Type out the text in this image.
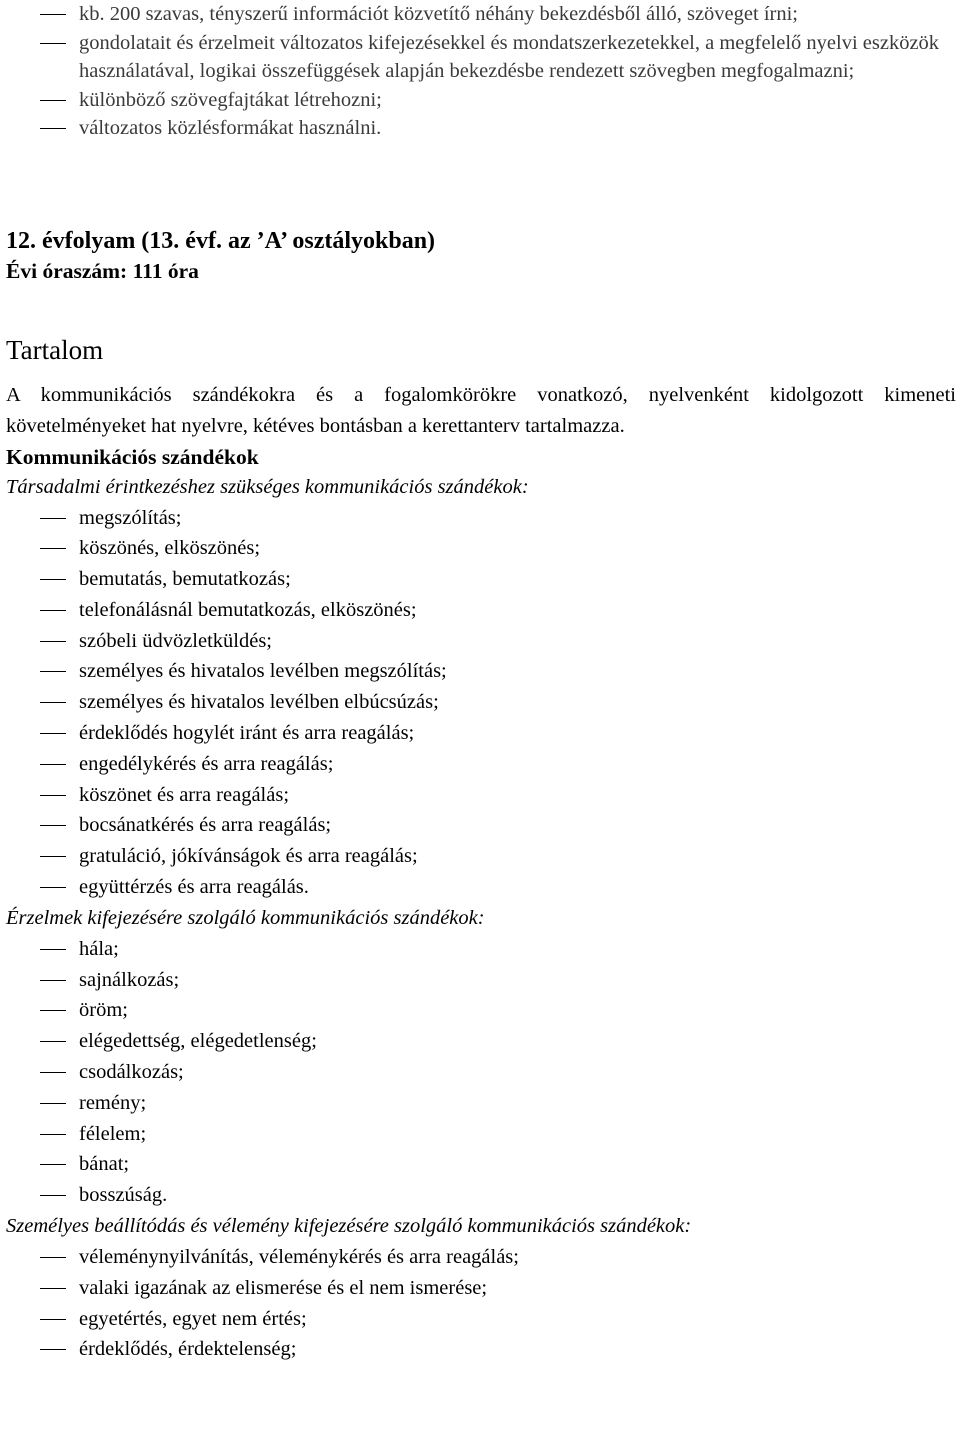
kb. 200 szavas, tényszerű információt közvetítő néhány bekezdésből álló, szöveget írni;
gondolatait és érzelmeit változatos kifejezésekkel és mondatszerkezetekkel, a megfelelő nyelvi eszközök használatával, logikai összefüggések alapján bekezdésbe rendezett szövegben megfogalmazni;
különböző szövegfajtákat létrehozni;
változatos közlésformákat használni.
12. évfolyam (13. évf. az ’A’ osztályokban)
Évi óraszám: 111 óra
Tartalom
A kommunikációs szándékokra és a fogalomkörökre vonatkozó, nyelvenként kidolgozott kimeneti követelményeket hat nyelvre, kétéves bontásban a kerettanterv tartalmazza.
Kommunikációs szándékok
Társadalmi érintkezéshez szükséges kommunikációs szándékok:
megszólítás;
köszönés, elköszönés;
bemutatás, bemutatkozás;
telefonálásnál bemutatkozás, elköszönés;
szóbeli üdvözletküldés;
személyes és hivatalos levélben megszólítás;
személyes és hivatalos levélben elbúcsúzás;
érdeklődés hogylét iránt és arra reagálás;
engedélykérés és arra reagálás;
köszönet és arra reagálás;
bocsánatkérés és arra reagálás;
gratuláció, jókívánságok és arra reagálás;
együttérzés és arra reagálás.
Érzelmek kifejezésére szolgáló kommunikációs szándékok:
hála;
sajnálkozás;
öröm;
elégedettség, elégedetlenség;
csodálkozás;
remény;
félelem;
bánat;
bosszúság.
Személyes beállítódás és vélemény kifejezésére szolgáló kommunikációs szándékok:
véleménynyilvánítás, véleménykérés és arra reagálás;
valaki igazának az elismerése és el nem ismerése;
egyetértés, egyet nem értés;
érdeklődés, érdektelenség;
